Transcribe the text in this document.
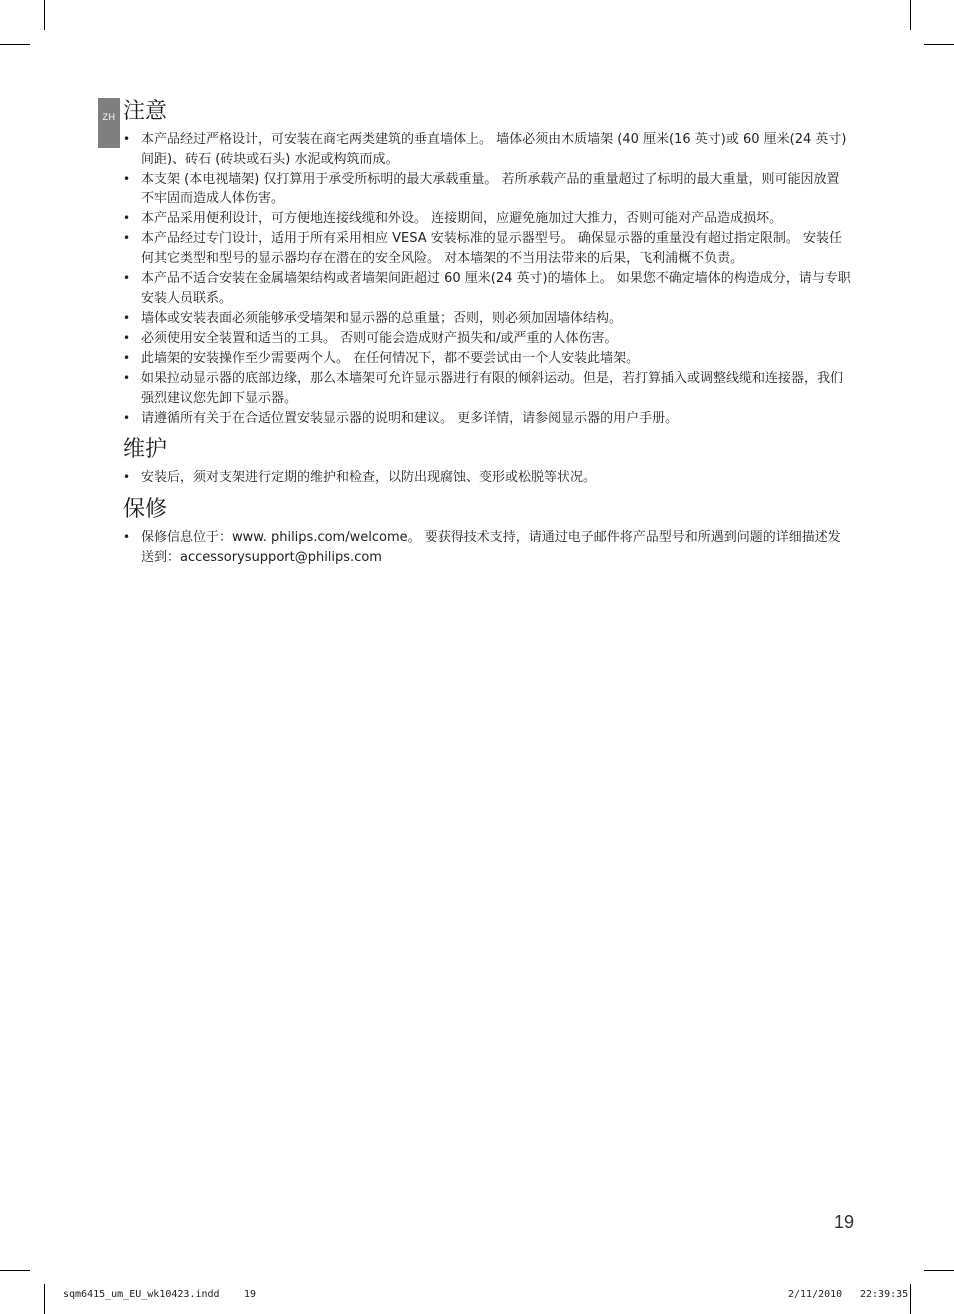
ZH 注意
• 本产品经过严格设计，可安装在商宅两类建筑的垂直墙体上。 墙体必须由木质墙架 (40 厘米(16 英寸)或 60 厘米(24 英寸)间距)、砖石 (砖块或石头) 水泥或构筑而成。
• 本支架 (本电视墙架) 仅打算用于承受所标明的最大承载重量。 若所承载产品的重量超过了标明的最大重量，则可能因放置不牢固而造成人体伤害。
• 本产品采用便利设计，可方便地连接线缆和外设。 连接期间，应避免施加过大推力，否则可能对产品造成损坏。
• 本产品经过专门设计，适用于所有采用相应 VESA 安装标准的显示器型号。 确保显示器的重量没有超过指定限制。 安装任何其它类型和型号的显示器均存在潜在的安全风险。 对本墙架的不当用法带来的后果，飞利浦概不负责。
• 本产品不适合安装在金属墙架结构或者墙架间距超过 60 厘米(24 英寸)的墙体上。 如果您不确定墙体的构造成分，请与专职安装人员联系。
• 墙体或安装表面必须能够承受墙架和显示器的总重量；否则，则必须加固墙体结构。
• 必须使用安全装置和适当的工具。 否则可能会造成财产损失和/或严重的人体伤害。
• 此墙架的安装操作至少需要两个人。 在任何情况下，都不要尝试由一个人安装此墙架。
• 如果拉动显示器的底部边缘，那么本墙架可允许显示器进行有限的倾斜运动。但是，若打算插入或调整线缆和连接器，我们强烈建议您先卸下显示器。
• 请遵循所有关于在合适位置安装显示器的说明和建议。 更多详情，请参阅显示器的用户手册。
维护
• 安装后，须对支架进行定期的维护和检查，以防出现腐蚀、变形或松脱等状况。
保修
• 保修信息位于：www. philips.com/welcome。 要获得技术支持，请通过电子邮件将产品型号和所遇到问题的详细描述发送到：accessorysupport@philips.com
19
sqm6415_um_EU_wk10423.indd 19	2/11/2010 22:39:35
